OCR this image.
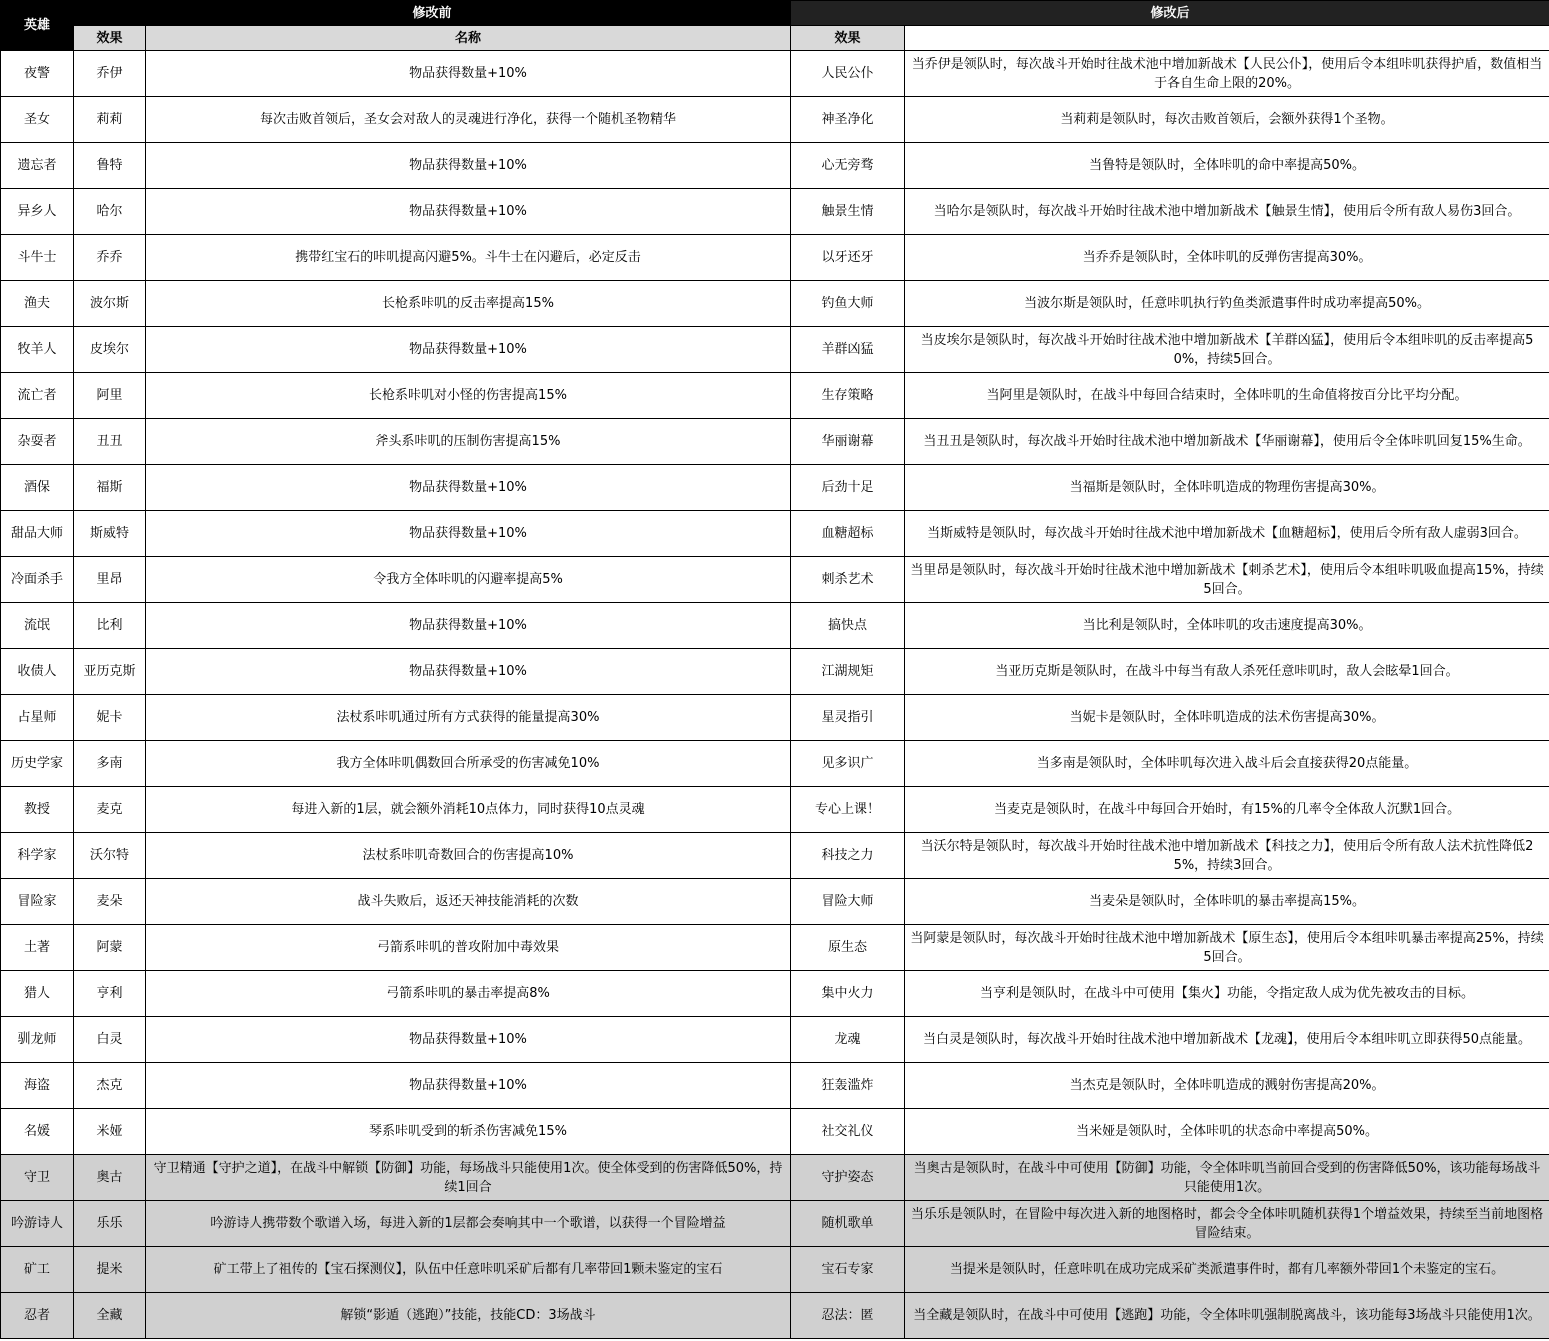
英雄	修改前		修改后	
	效果	名称	效果	
夜警	乔伊	物品获得数量+10%	人民公仆	当乔伊是领队时，每次战斗开始时往战术池中增加新战术【人民公仆】，使用后令本组咔叽获得护盾，数值相当于各自生命上限的20%。
圣女	莉莉	每次击败首领后，圣女会对敌人的灵魂进行净化，获得一个随机圣物精华	神圣净化	当莉莉是领队时，每次击败首领后，会额外获得1个圣物。
遗忘者	鲁特	物品获得数量+10%	心无旁骛	当鲁特是领队时，全体咔叽的命中率提高50%。
异乡人	哈尔	物品获得数量+10%	触景生情	当哈尔是领队时，每次战斗开始时往战术池中增加新战术【触景生情】，使用后令所有敌人易伤3回合。
斗牛士	乔乔	携带红宝石的咔叽提高闪避5%。斗牛士在闪避后，必定反击	以牙还牙	当乔乔是领队时，全体咔叽的反弹伤害提高30%。
渔夫	波尔斯	长枪系咔叽的反击率提高15%	钓鱼大师	当波尔斯是领队时，任意咔叽执行钓鱼类派遣事件时成功率提高50%。
牧羊人	皮埃尔	物品获得数量+10%	羊群凶猛	当皮埃尔是领队时，每次战斗开始时往战术池中增加新战术【羊群凶猛】，使用后令本组咔叽的反击率提高50%，持续5回合。
流亡者	阿里	长枪系咔叽对小怪的伤害提高15%	生存策略	当阿里是领队时，在战斗中每回合结束时，全体咔叽的生命值将按百分比平均分配。
杂耍者	丑丑	斧头系咔叽的压制伤害提高15%	华丽谢幕	当丑丑是领队时，每次战斗开始时往战术池中增加新战术【华丽谢幕】，使用后令全体咔叽回复15%生命。
酒保	福斯	物品获得数量+10%	后劲十足	当福斯是领队时，全体咔叽造成的物理伤害提高30%。
甜品大师	斯威特	物品获得数量+10%	血糖超标	当斯威特是领队时，每次战斗开始时往战术池中增加新战术【血糖超标】，使用后令所有敌人虚弱3回合。
冷面杀手	里昂	令我方全体咔叽的闪避率提高5%	刺杀艺术	当里昂是领队时，每次战斗开始时往战术池中增加新战术【刺杀艺术】，使用后令本组咔叽吸血提高15%，持续5回合。
流氓	比利	物品获得数量+10%	搞快点	当比利是领队时，全体咔叽的攻击速度提高30%。
收债人	亚历克斯	物品获得数量+10%	江湖规矩	当亚历克斯是领队时，在战斗中每当有敌人杀死任意咔叽时，敌人会眩晕1回合。
占星师	妮卡	法杖系咔叽通过所有方式获得的能量提高30%	星灵指引	当妮卡是领队时，全体咔叽造成的法术伤害提高30%。
历史学家	多南	我方全体咔叽偶数回合所承受的伤害减免10%	见多识广	当多南是领队时，全体咔叽每次进入战斗后会直接获得20点能量。
教授	麦克	每进入新的1层，就会额外消耗10点体力，同时获得10点灵魂	专心上课！	当麦克是领队时，在战斗中每回合开始时，有15%的几率令全体敌人沉默1回合。
科学家	沃尔特	法杖系咔叽奇数回合的伤害提高10%	科技之力	当沃尔特是领队时，每次战斗开始时往战术池中增加新战术【科技之力】，使用后令所有敌人法术抗性降低25%，持续3回合。
冒险家	麦朵	战斗失败后，返还天神技能消耗的次数	冒险大师	当麦朵是领队时，全体咔叽的暴击率提高15%。
土著	阿蒙	弓箭系咔叽的普攻附加中毒效果	原生态	当阿蒙是领队时，每次战斗开始时往战术池中增加新战术【原生态】，使用后令本组咔叽暴击率提高25%，持续5回合。
猎人	亨利	弓箭系咔叽的暴击率提高8%	集中火力	当亨利是领队时，在战斗中可使用【集火】功能，令指定敌人成为优先被攻击的目标。
驯龙师	白灵	物品获得数量+10%	龙魂	当白灵是领队时，每次战斗开始时往战术池中增加新战术【龙魂】，使用后令本组咔叽立即获得50点能量。
海盗	杰克	物品获得数量+10%	狂轰滥炸	当杰克是领队时，全体咔叽造成的溅射伤害提高20%。
名媛	米娅	琴系咔叽受到的斩杀伤害减免15%	社交礼仪	当米娅是领队时，全体咔叽的状态命中率提高50%。
守卫	奥古	守卫精通【守护之道】，在战斗中解锁【防御】功能，每场战斗只能使用1次。使全体受到的伤害降低50%，持续1回合	守护姿态	当奥古是领队时，在战斗中可使用【防御】功能，令全体咔叽当前回合受到的伤害降低50%，该功能每场战斗只能使用1次。
吟游诗人	乐乐	吟游诗人携带数个歌谱入场，每进入新的1层都会奏响其中一个歌谱，以获得一个冒险增益	随机歌单	当乐乐是领队时，在冒险中每次进入新的地图格时，都会令全体咔叽随机获得1个增益效果，持续至当前地图格冒险结束。
矿工	提米	矿工带上了祖传的【宝石探测仪】，队伍中任意咔叽采矿后都有几率带回1颗未鉴定的宝石	宝石专家	当提米是领队时，任意咔叽在成功完成采矿类派遣事件时，都有几率额外带回1个未鉴定的宝石。
忍者	全藏	解锁“影遁（逃跑）”技能，技能CD：3场战斗	忍法：匿	当全藏是领队时，在战斗中可使用【逃跑】功能，令全体咔叽强制脱离战斗，该功能每3场战斗只能使用1次。
